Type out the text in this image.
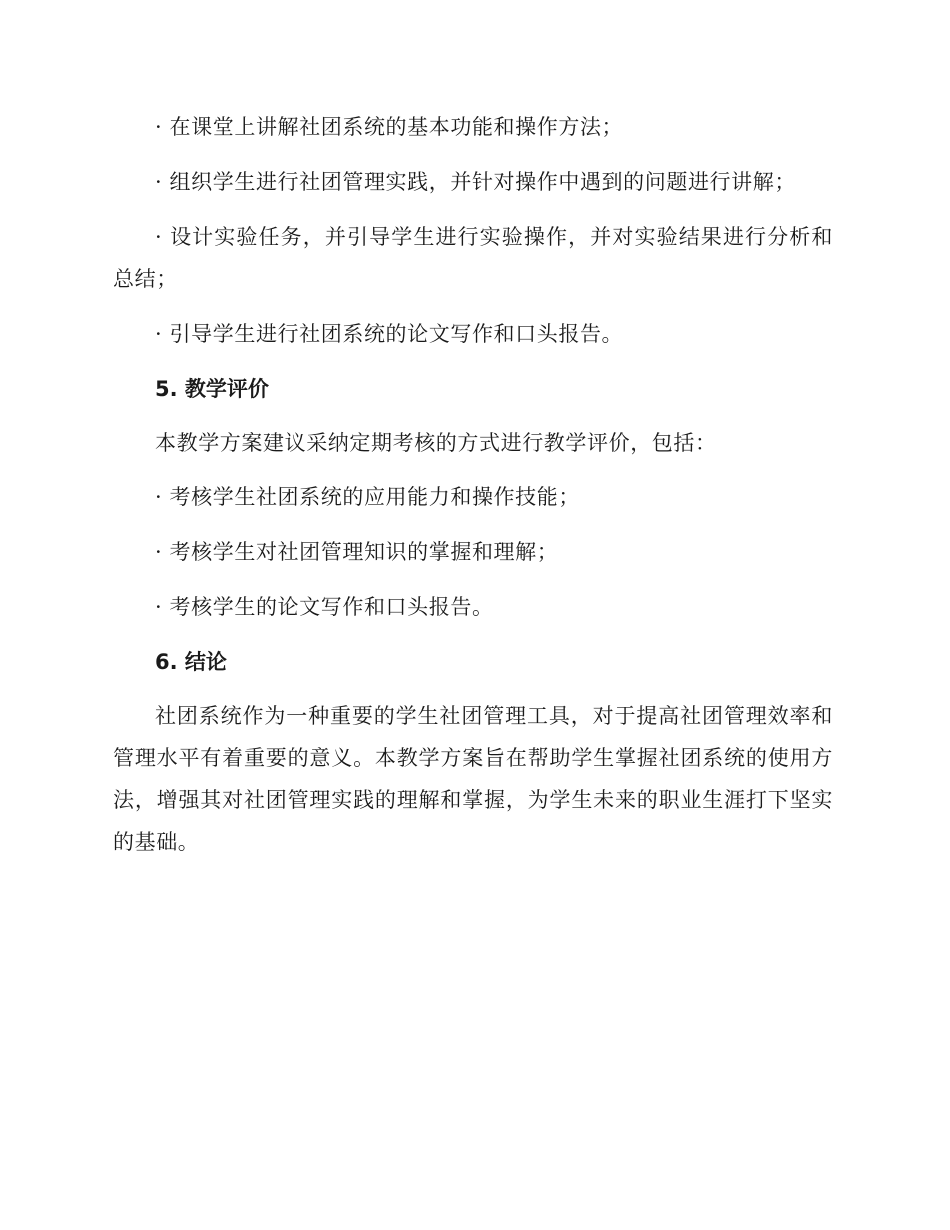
· 在课堂上讲解社团系统的基本功能和操作方法；

· 组织学生进行社团管理实践，并针对操作中遇到的问题进行讲解；

· 设计实验任务，并引导学生进行实验操作，并对实验结果进行分析和总结；

· 引导学生进行社团系统的论文写作和口头报告。

5. 教学评价

本教学方案建议采纳定期考核的方式进行教学评价，包括：

· 考核学生社团系统的应用能力和操作技能；

· 考核学生对社团管理知识的掌握和理解；

· 考核学生的论文写作和口头报告。

6. 结论

社团系统作为一种重要的学生社团管理工具，对于提高社团管理效率和管理水平有着重要的意义。本教学方案旨在帮助学生掌握社团系统的使用方法，增强其对社团管理实践的理解和掌握，为学生未来的职业生涯打下坚实的基础。
